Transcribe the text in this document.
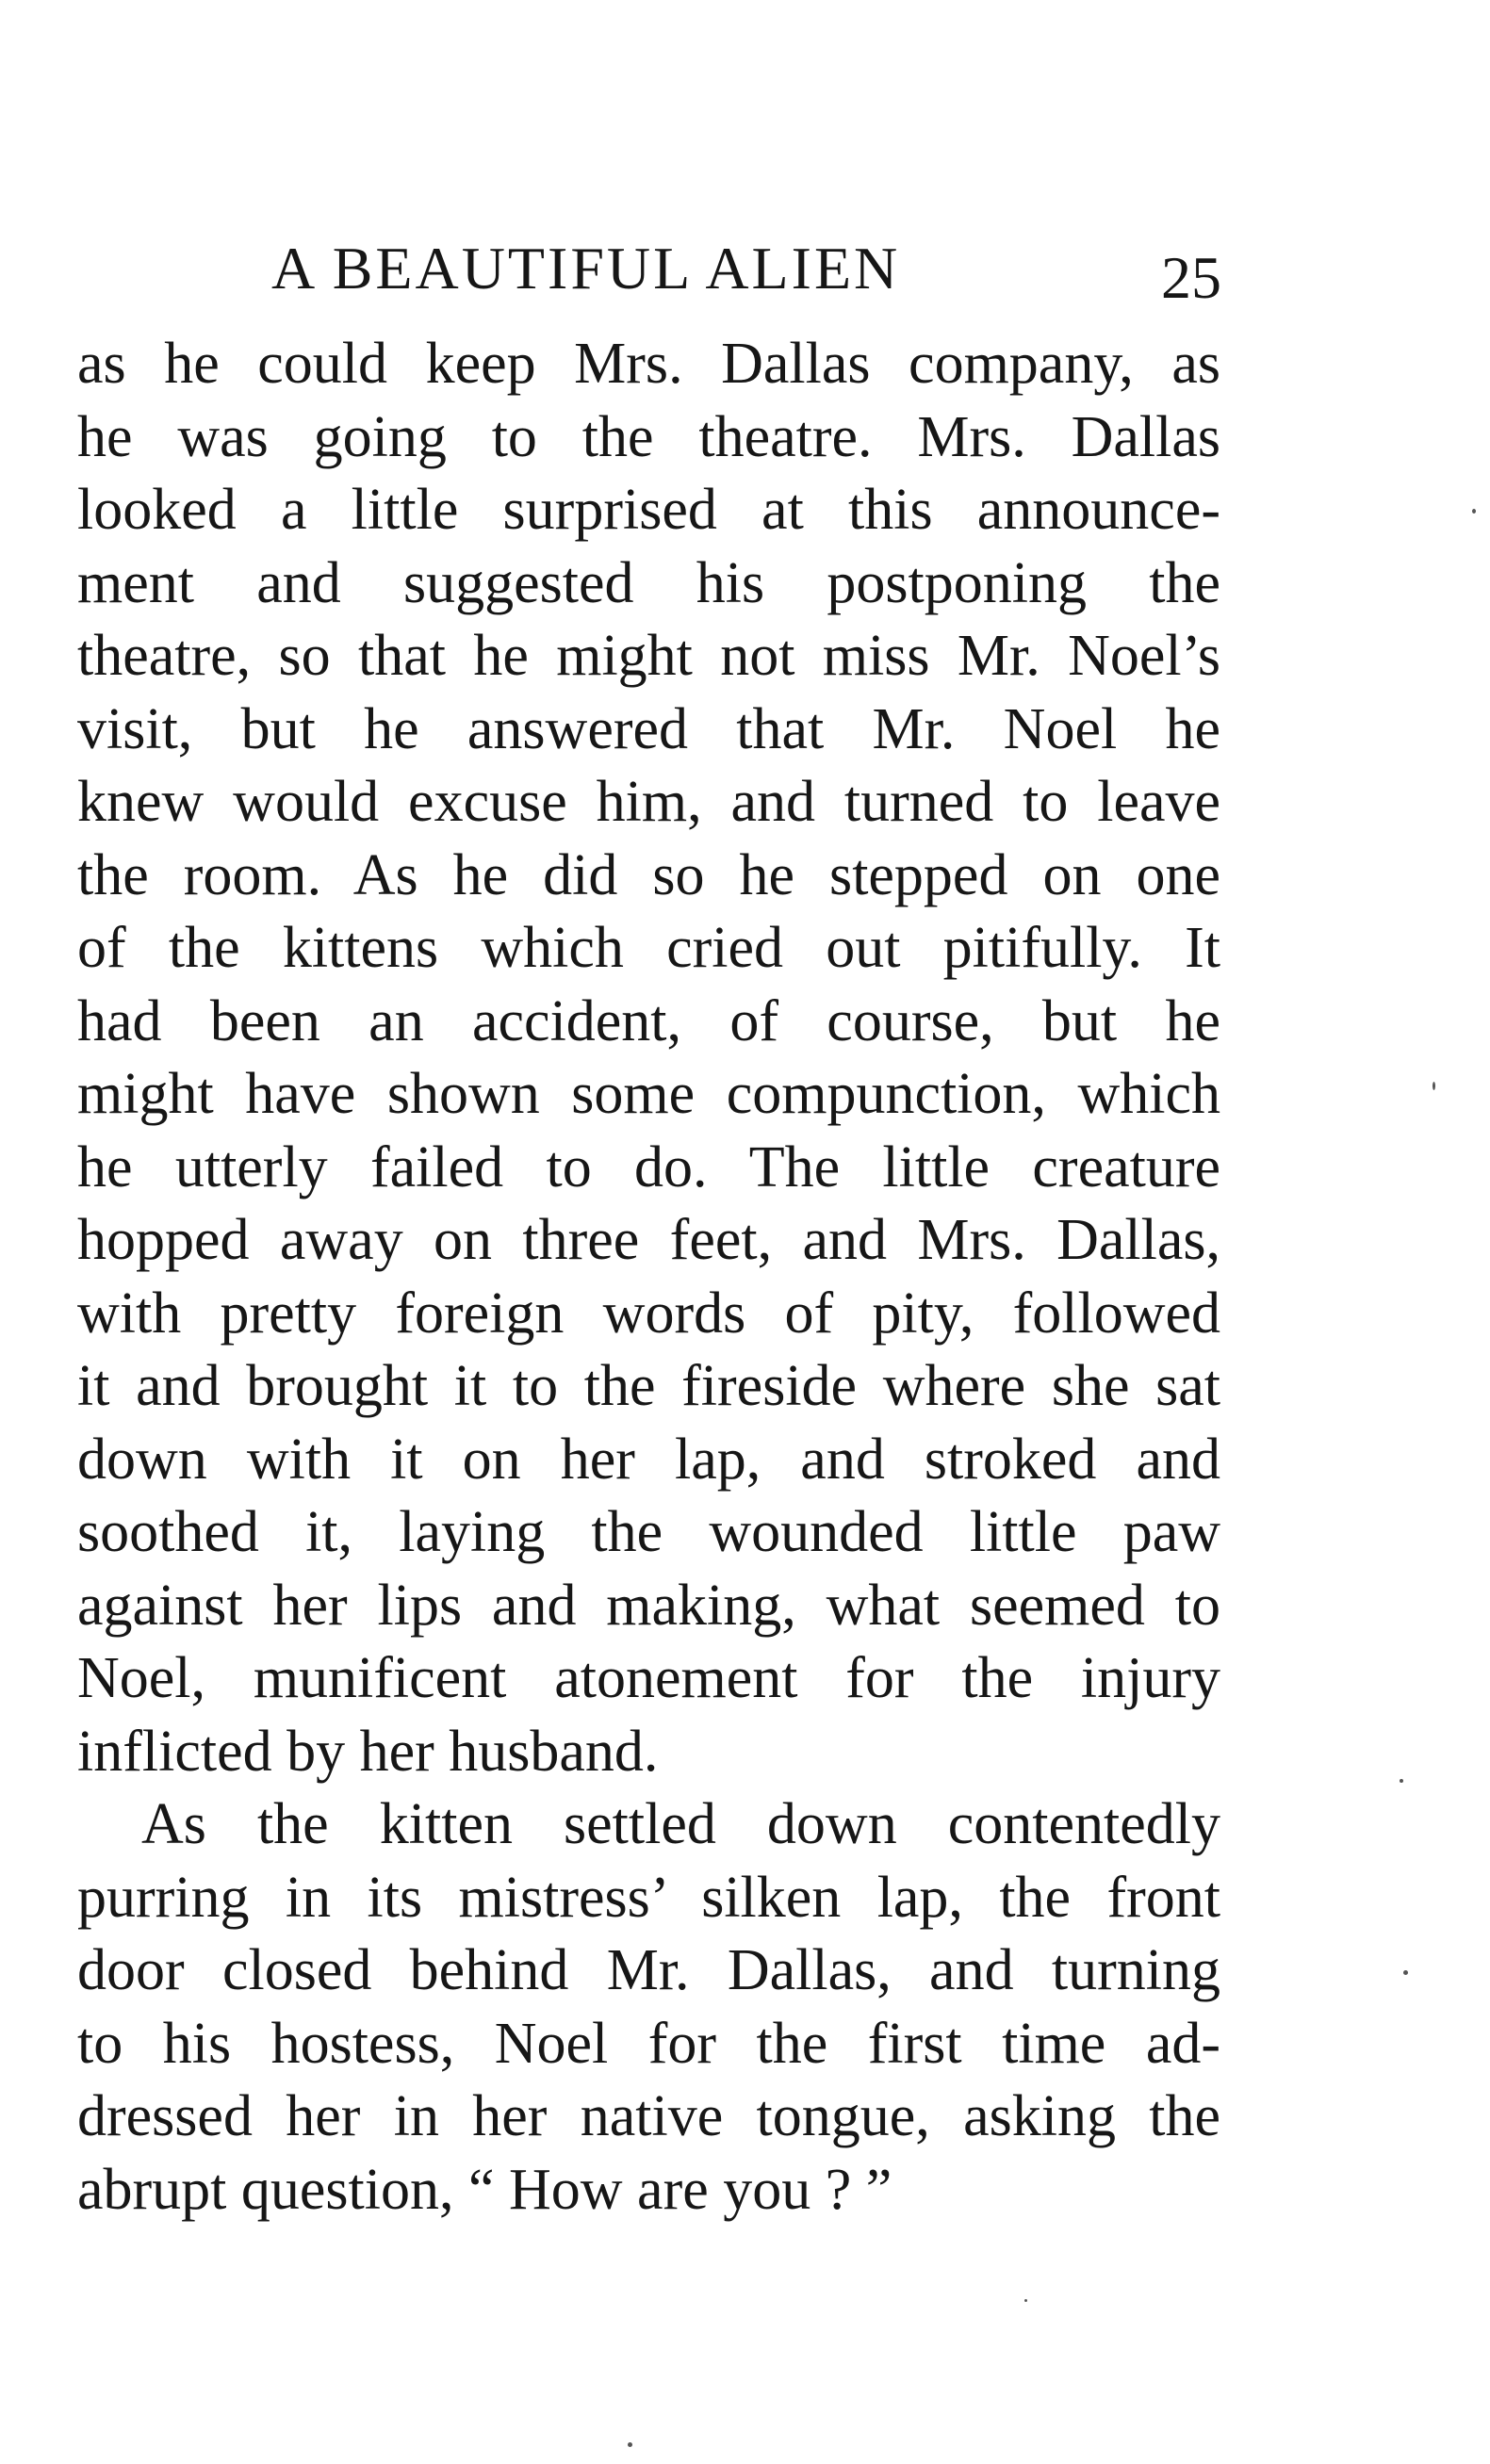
A BEAUTIFUL ALIEN	25
as he could keep Mrs. Dallas company, as
he was going to the theatre. Mrs. Dallas
looked a little surprised at this announce-
ment and suggested his postponing the
theatre, so that he might not miss Mr. Noel’s
visit, but he answered that Mr. Noel he
knew would excuse him, and turned to leave
the room. As he did so he stepped on one
of the kittens which cried out pitifully. It
had been an accident, of course, but he
might have shown some compunction, which
he utterly failed to do. The little creature
hopped away on three feet, and Mrs. Dallas,
with pretty foreign words of pity, followed
it and brought it to the fireside where she sat
down with it on her lap, and stroked and
soothed it, laying the wounded little paw
against her lips and making, what seemed to
Noel, munificent atonement for the injury
inflicted by her husband.
As the kitten settled down contentedly
purring in its mistress’ silken lap, the front
door closed behind Mr. Dallas, and turning
to his hostess, Noel for the first time ad-
dressed her in her native tongue, asking the
abrupt question, “ How are you ? ”
